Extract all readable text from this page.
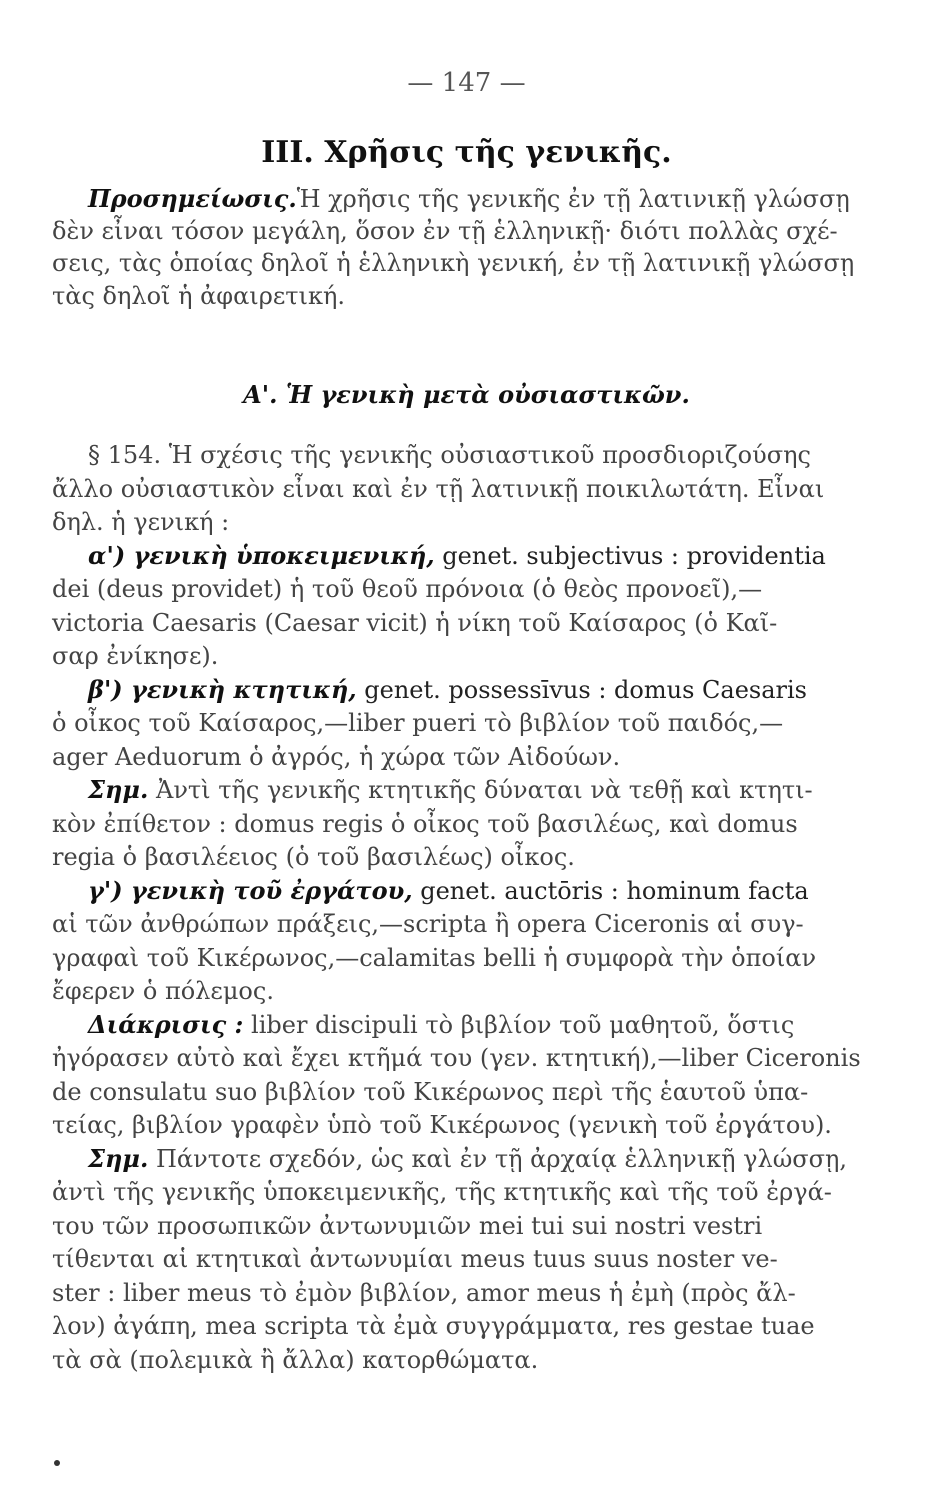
— 147 —
III. Χρῆσις τῆς γενικῆς.
Προσημείωσις.Ἡ χρῆσις τῆς γενικῆς ἐν τῇ λατινικῇ γλώσσῃ
δὲν εἶναι τόσον μεγάλη, ὅσον ἐν τῇ ἑλληνικῇ· διότι πολλὰς σχέ-
σεις, τὰς ὁποίας δηλοῖ ἡ ἑλληνικὴ γενική, ἐν τῇ λατινικῇ γλώσσῃ
τὰς δηλοῖ ἡ ἀφαιρετική.
Α'. Ἡ γενικὴ μετὰ οὐσιαστικῶν.
§ 154. Ἡ σχέσις τῆς γενικῆς οὐσιαστικοῦ προσδιοριζούσης
ἄλλο οὐσιαστικὸν εἶναι καὶ ἐν τῇ λατινικῇ ποικιλωτάτη. Εἶναι
δηλ. ἡ γενική :
α') γενικὴ ὑποκειμενική, genet. subjectivus : providentia
dei (deus providet) ἡ τοῦ θεοῦ πρόνοια (ὁ θεὸς προνοεῖ),—
victoria Caesaris (Caesar vicit) ἡ νίκη τοῦ Καίσαρος (ὁ Καῖ-
σαρ ἐνίκησε).
β') γενικὴ κτητική, genet. possessīvus : domus Caesaris
ὁ οἶκος τοῦ Καίσαρος,—liber pueri τὸ βιβλίον τοῦ παιδός,—
ager Aeduorum ὁ ἀγρός, ἡ χώρα τῶν Αἰδούων.
Σημ. Ἀντὶ τῆς γενικῆς κτητικῆς δύναται νὰ τεθῇ καὶ κτητι-
κὸν ἐπίθετον : domus regis ὁ οἶκος τοῦ βασιλέως, καὶ domus
regia ὁ βασιλέειος (ὁ τοῦ βασιλέως) οἶκος.
γ') γενικὴ τοῦ ἐργάτου, genet. auctōris : hominum facta
αἱ τῶν ἀνθρώπων πράξεις,—scripta ἢ opera Ciceronis αἱ συγ-
γραφαὶ τοῦ Κικέρωνος,—calamitas belli ἡ συμφορὰ τὴν ὁποίαν
ἔφερεν ὁ πόλεμος.
Διάκρισις : liber discipuli τὸ βιβλίον τοῦ μαθητοῦ, ὅστις
ἠγόρασεν αὐτὸ καὶ ἔχει κτῆμά του (γεν. κτητική),—liber Ciceronis
de consulatu suo βιβλίον τοῦ Κικέρωνος περὶ τῆς ἑαυτοῦ ὑπα-
τείας, βιβλίον γραφὲν ὑπὸ τοῦ Κικέρωνος (γενικὴ τοῦ ἐργάτου).
Σημ. Πάντοτε σχεδόν, ὡς καὶ ἐν τῇ ἀρχαίᾳ ἑλληνικῇ γλώσσῃ,
ἀντὶ τῆς γενικῆς ὑποκειμενικῆς, τῆς κτητικῆς καὶ τῆς τοῦ ἐργά-
του τῶν προσωπικῶν ἀντωνυμιῶν mei tui sui nostri vestri
τίθενται αἱ κτητικαὶ ἀντωνυμίαι meus tuus suus noster ve-
ster : liber meus τὸ ἐμὸν βιβλίον, amor meus ἡ ἐμὴ (πρὸς ἄλ-
λον) ἀγάπη, mea scripta τὰ ἐμὰ συγγράμματα, res gestae tuae
τὰ σὰ (πολεμικὰ ἢ ἄλλα) κατορθώματα.
